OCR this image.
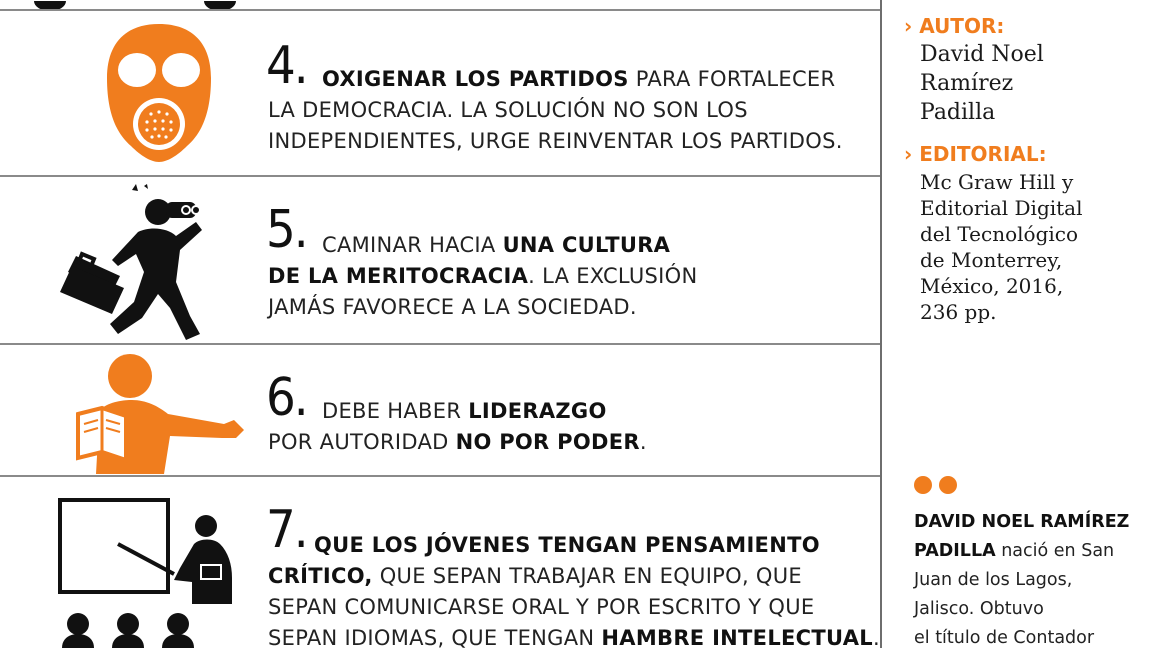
4. OXIGENAR LOS PARTIDOS PARA FORTALECER
LA DEMOCRACIA. LA SOLUCIÓN NO SON LOS
INDEPENDIENTES, URGE REINVENTAR LOS PARTIDOS.
5. CAMINAR HACIA UNA CULTURA
DE LA MERITOCRACIA. LA EXCLUSIÓN
JAMÁS FAVORECE A LA SOCIEDAD.
6. DEBE HABER LIDERAZGO
POR AUTORIDAD NO POR PODER.
7. QUE LOS JÓVENES TENGAN PENSAMIENTO
CRÍTICO, QUE SEPAN TRABAJAR EN EQUIPO, QUE
SEPAN COMUNICARSE ORAL Y POR ESCRITO Y QUE
SEPAN IDIOMAS, QUE TENGAN HAMBRE INTELECTUAL.
› AUTOR:
David Noel
Ramírez
Padilla
› EDITORIAL:
Mc Graw Hill y
Editorial Digital
del Tecnológico
de Monterrey,
México, 2016,
236 pp.
DAVID NOEL RAMÍREZ
PADILLA nació en San
Juan de los Lagos,
Jalisco. Obtuvo
el título de Contador
